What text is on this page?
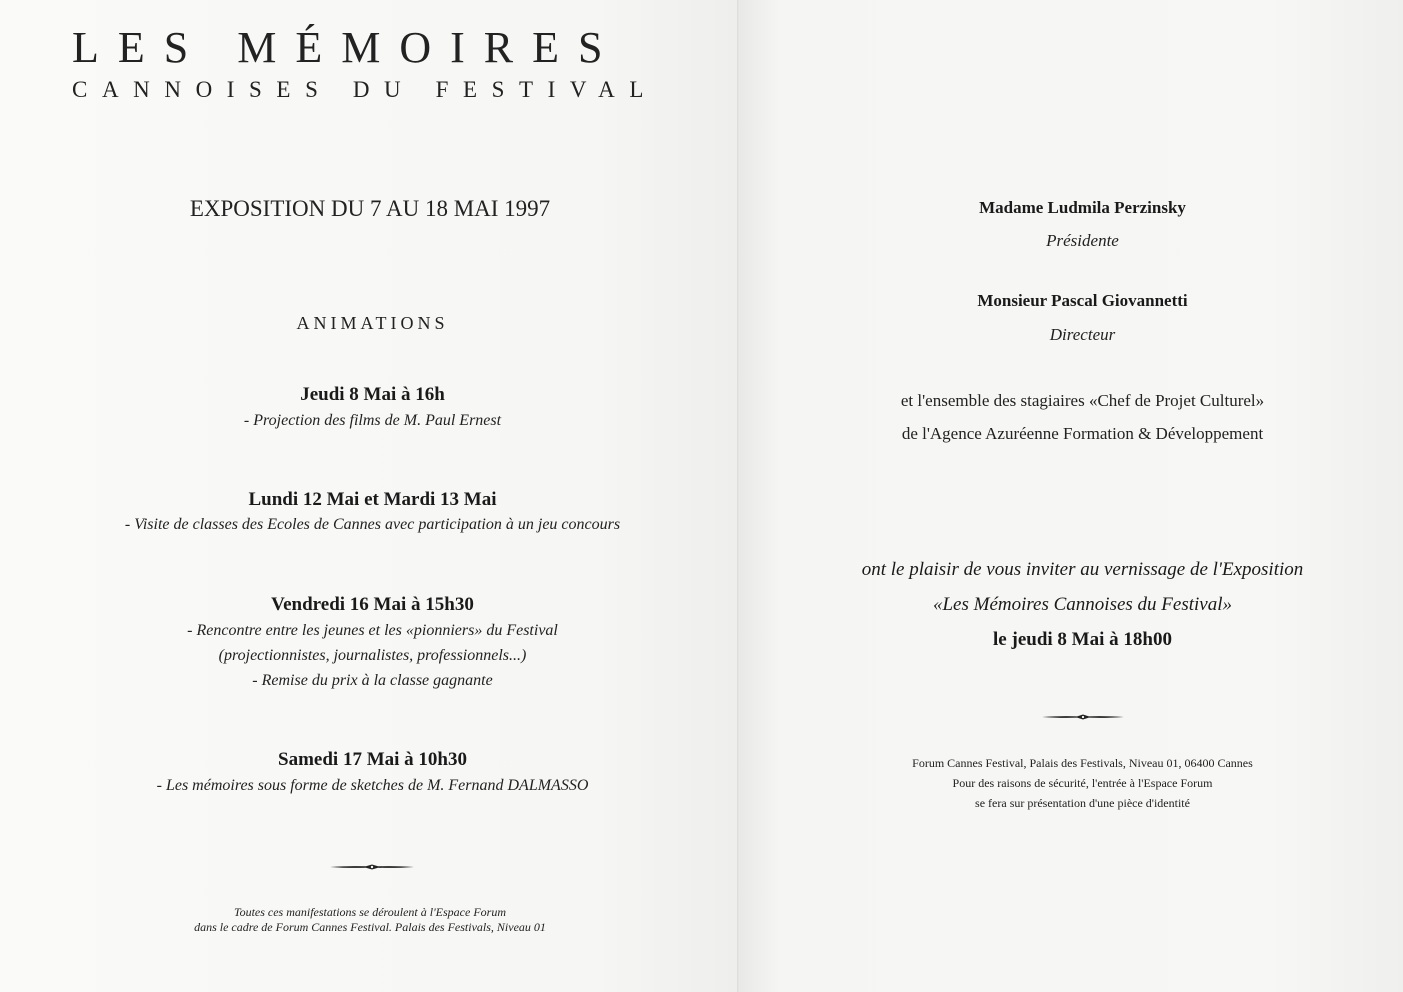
LES MÉMOIRES
CANNOISES DU FESTIVAL
EXPOSITION DU 7 AU 18 MAI 1997
ANIMATIONS
Jeudi 8 Mai à 16h
- Projection des films de M. Paul Ernest
Lundi 12 Mai et Mardi 13 Mai
- Visite de classes des Ecoles de Cannes avec participation à un jeu concours
Vendredi 16 Mai à 15h30
- Rencontre entre les jeunes et les «pionniers» du Festival
(projectionnistes, journalistes, professionnels...)
- Remise du prix à la classe gagnante
Samedi 17 Mai à 10h30
- Les mémoires sous forme de sketches de M. Fernand DALMASSO
Toutes ces manifestations se déroulent à l'Espace Forum
dans le cadre de Forum Cannes Festival. Palais des Festivals, Niveau 01
Madame Ludmila Perzinsky
Présidente
Monsieur Pascal Giovannetti
Directeur
et l'ensemble des stagiaires «Chef de Projet Culturel»
de l'Agence Azuréenne Formation & Développement
ont le plaisir de vous inviter au vernissage de l'Exposition
«Les Mémoires Cannoises du Festival»
le jeudi 8 Mai à 18h00
Forum Cannes Festival, Palais des Festivals, Niveau 01, 06400 Cannes
Pour des raisons de sécurité, l'entrée à l'Espace Forum
se fera sur présentation d'une pièce d'identité
